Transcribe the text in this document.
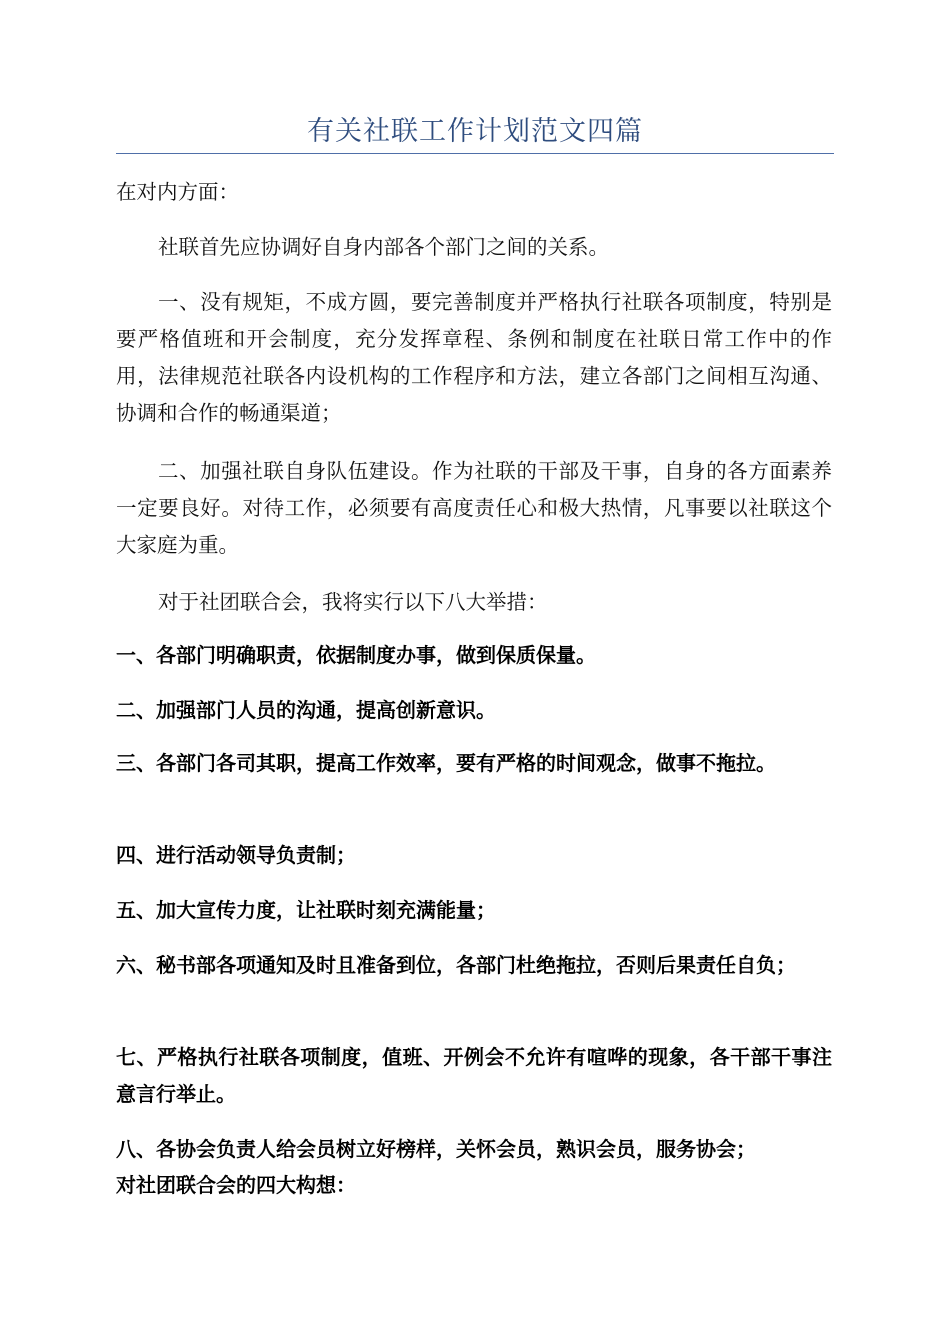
有关社联工作计划范文四篇

在对内方面：

社联首先应协调好自身内部各个部门之间的关系。

一、没有规矩，不成方圆，要完善制度并严格执行社联各项制度，特别是要严格值班和开会制度，充分发挥章程、条例和制度在社联日常工作中的作用，法律规范社联各内设机构的工作程序和方法，建立各部门之间相互沟通、协调和合作的畅通渠道；

二、加强社联自身队伍建设。作为社联的干部及干事，自身的各方面素养一定要良好。对待工作，必须要有高度责任心和极大热情，凡事要以社联这个大家庭为重。

对于社团联合会，我将实行以下八大举措：

一、各部门明确职责，依据制度办事，做到保质保量。

二、加强部门人员的沟通，提高创新意识。

三、各部门各司其职，提高工作效率，要有严格的时间观念，做事不拖拉。

四、进行活动领导负责制；

五、加大宣传力度，让社联时刻充满能量；

六、秘书部各项通知及时且准备到位，各部门杜绝拖拉，否则后果责任自负；

七、严格执行社联各项制度，值班、开例会不允许有喧哗的现象，各干部干事注意言行举止。

八、各协会负责人给会员树立好榜样，关怀会员，熟识会员，服务协会；

对社团联合会的四大构想：
